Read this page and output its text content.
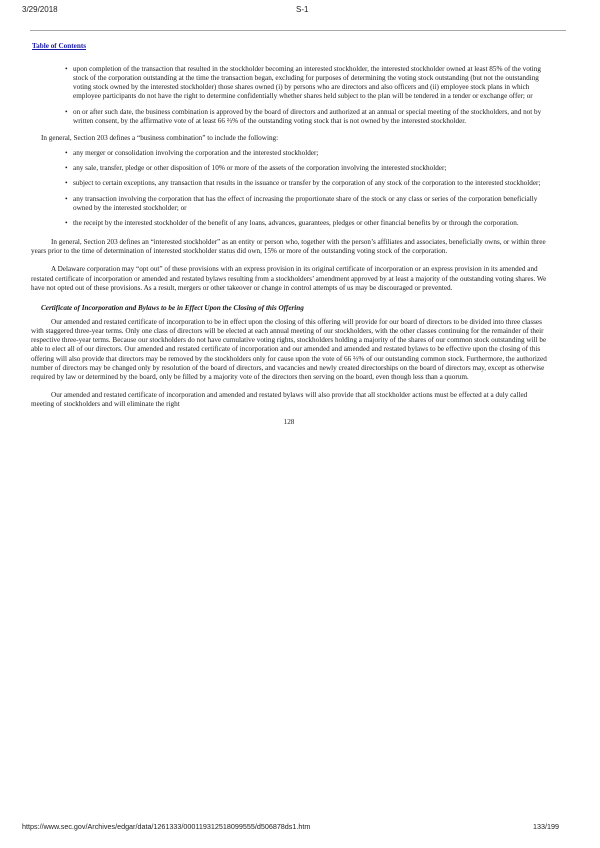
3/29/2018	S-1
Table of Contents
• upon completion of the transaction that resulted in the stockholder becoming an interested stockholder, the interested stockholder owned at least 85% of the voting stock of the corporation outstanding at the time the transaction began, excluding for purposes of determining the voting stock outstanding (but not the outstanding voting stock owned by the interested stockholder) those shares owned (i) by persons who are directors and also officers and (ii) employee stock plans in which employee participants do not have the right to determine confidentially whether shares held subject to the plan will be tendered in a tender or exchange offer; or
• on or after such date, the business combination is approved by the board of directors and authorized at an annual or special meeting of the stockholders, and not by written consent, by the affirmative vote of at least 66 ⅔% of the outstanding voting stock that is not owned by the interested stockholder.

In general, Section 203 defines a “business combination” to include the following:

• any merger or consolidation involving the corporation and the interested stockholder;
• any sale, transfer, pledge or other disposition of 10% or more of the assets of the corporation involving the interested stockholder;
• subject to certain exceptions, any transaction that results in the issuance or transfer by the corporation of any stock of the corporation to the interested stockholder;
• any transaction involving the corporation that has the effect of increasing the proportionate share of the stock or any class or series of the corporation beneficially owned by the interested stockholder; or
• the receipt by the interested stockholder of the benefit of any loans, advances, guarantees, pledges or other financial benefits by or through the corporation.

In general, Section 203 defines an “interested stockholder” as an entity or person who, together with the person’s affiliates and associates, beneficially owns, or within three years prior to the time of determination of interested stockholder status did own, 15% or more of the outstanding voting stock of the corporation.

A Delaware corporation may “opt out” of these provisions with an express provision in its original certificate of incorporation or an express provision in its amended and restated certificate of incorporation or amended and restated bylaws resulting from a stockholders’ amendment approved by at least a majority of the outstanding voting shares. We have not opted out of these provisions. As a result, mergers or other takeover or change in control attempts of us may be discouraged or prevented.

Certificate of Incorporation and Bylaws to be in Effect Upon the Closing of this Offering

Our amended and restated certificate of incorporation to be in effect upon the closing of this offering will provide for our board of directors to be divided into three classes with staggered three-year terms. Only one class of directors will be elected at each annual meeting of our stockholders, with the other classes continuing for the remainder of their respective three-year terms. Because our stockholders do not have cumulative voting rights, stockholders holding a majority of the shares of our common stock outstanding will be able to elect all of our directors. Our amended and restated certificate of incorporation and our amended and amended and restated bylaws to be effective upon the closing of this offering will also provide that directors may be removed by the stockholders only for cause upon the vote of 66 ⅔% of our outstanding common stock. Furthermore, the authorized number of directors may be changed only by resolution of the board of directors, and vacancies and newly created directorships on the board of directors may, except as otherwise required by law or determined by the board, only be filled by a majority vote of the directors then serving on the board, even though less than a quorum.

Our amended and restated certificate of incorporation and amended and restated bylaws will also provide that all stockholder actions must be effected at a duly called meeting of stockholders and will eliminate the right

128
https://www.sec.gov/Archives/edgar/data/1261333/000119312518099555/d506878ds1.htm	133/199
